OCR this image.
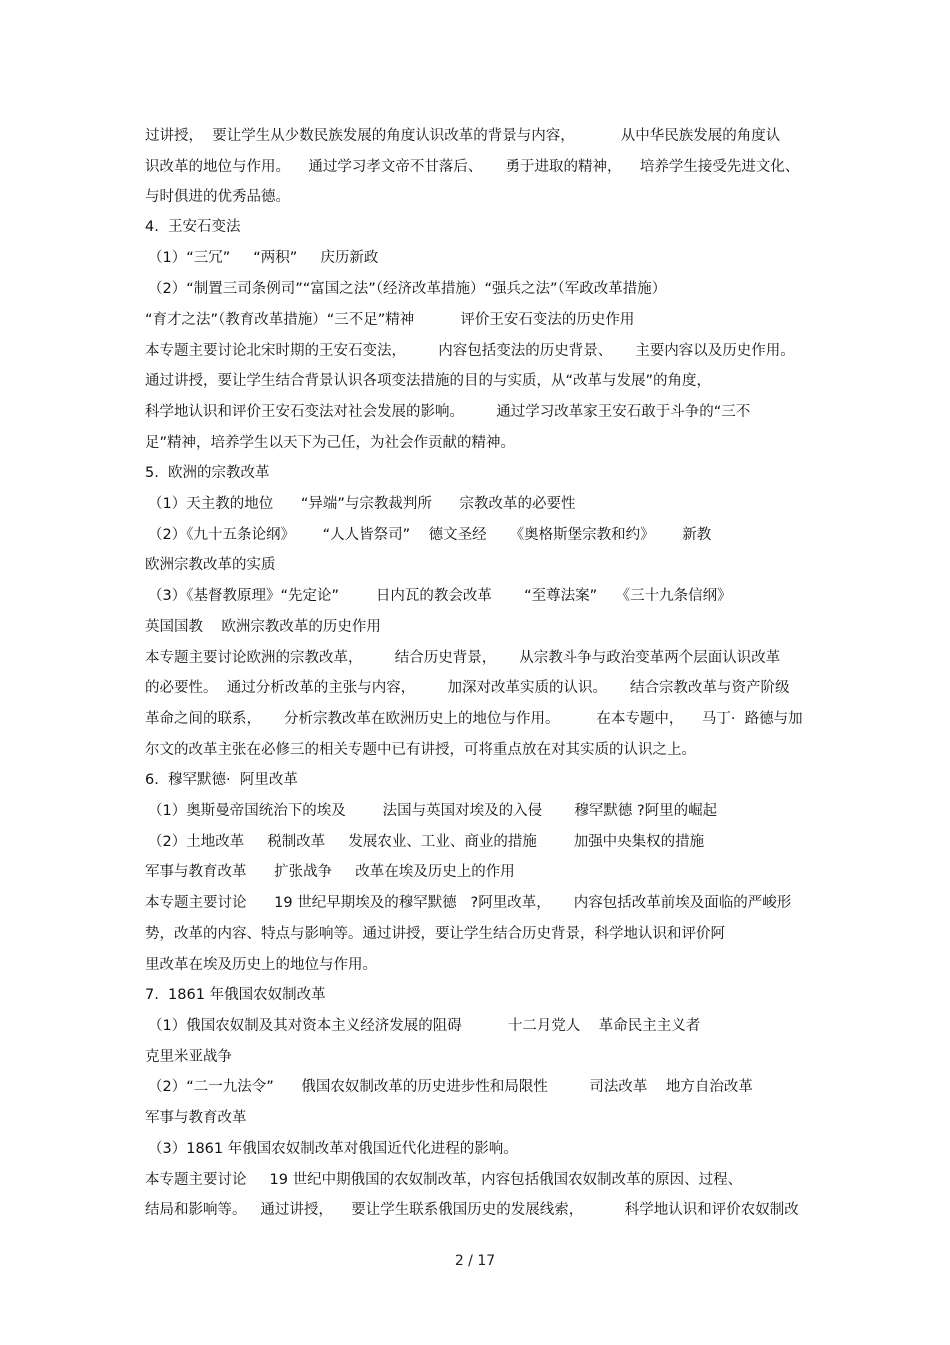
过讲授，  要让学生从少数民族发展的角度认识改革的背景与内容，          从中华民族发展的角度认
识改革的地位与作用。    通过学习孝文帝不甘落后、     勇于进取的精神，    培养学生接受先进文化、
与时俱进的优秀品德。
4.  王安石变法
（1）“三冗”     “两积”     庆历新政
（2）“制置三司条例司”“富国之法”（经济改革措施）“强兵之法”（军政改革措施）
“育才之法”（教育改革措施）“三不足”精神          评价王安石变法的历史作用
本专题主要讨论北宋时期的王安石变法，       内容包括变法的历史背景、     主要内容以及历史作用。
通过讲授，要让学生结合背景认识各项变法措施的目的与实质，从“改革与发展”的角度，
科学地认识和评价王安石变法对社会发展的影响。       通过学习改革家王安石敢于斗争的“三不
足”精神，培养学生以天下为己任，为社会作贡献的精神。
5.  欧洲的宗教改革
（1）天主教的地位      “异端”与宗教裁判所      宗教改革的必要性
（2）《九十五条论纲》      “人人皆祭司”    德文圣经     《奥格斯堡宗教和约》      新教
欧洲宗教改革的实质
（3）《基督教原理》“先定论”        日内瓦的教会改革       “至尊法案”    《三十九条信纲》
英国国教    欧洲宗教改革的历史作用
本专题主要讨论欧洲的宗教改革，       结合历史背景，     从宗教斗争与政治变革两个层面认识改革
的必要性。  通过分析改革的主张与内容，       加深对改革实质的认识。     结合宗教改革与资产阶级
革命之间的联系，     分析宗教改革在欧洲历史上的地位与作用。        在本专题中，    马丁·  路德与加
尔文的改革主张在必修三的相关专题中已有讲授，可将重点放在对其实质的认识之上。
6.  穆罕默德·  阿里改革
（1）奥斯曼帝国统治下的埃及        法国与英国对埃及的入侵       穆罕默德 ?阿里的崛起
（2）土地改革     税制改革     发展农业、工业、商业的措施        加强中央集权的措施
军事与教育改革      扩张战争     改革在埃及历史上的作用
本专题主要讨论      19 世纪早期埃及的穆罕默德   ?阿里改革，     内容包括改革前埃及面临的严峻形
势，改革的内容、特点与影响等。通过讲授，要让学生结合历史背景，科学地认识和评价阿
里改革在埃及历史上的地位与作用。
7.  1861 年俄国农奴制改革
（1）俄国农奴制及其对资本主义经济发展的阻碍          十二月党人    革命民主主义者
克里米亚战争
（2）“二一九法令”      俄国农奴制改革的历史进步性和局限性         司法改革    地方自治改革
军事与教育改革
（3）1861 年俄国农奴制改革对俄国近代化进程的影响。
本专题主要讨论     19 世纪中期俄国的农奴制改革，内容包括俄国农奴制改革的原因、过程、
结局和影响等。   通过讲授，    要让学生联系俄国历史的发展线索，         科学地认识和评价农奴制改
2 / 17
